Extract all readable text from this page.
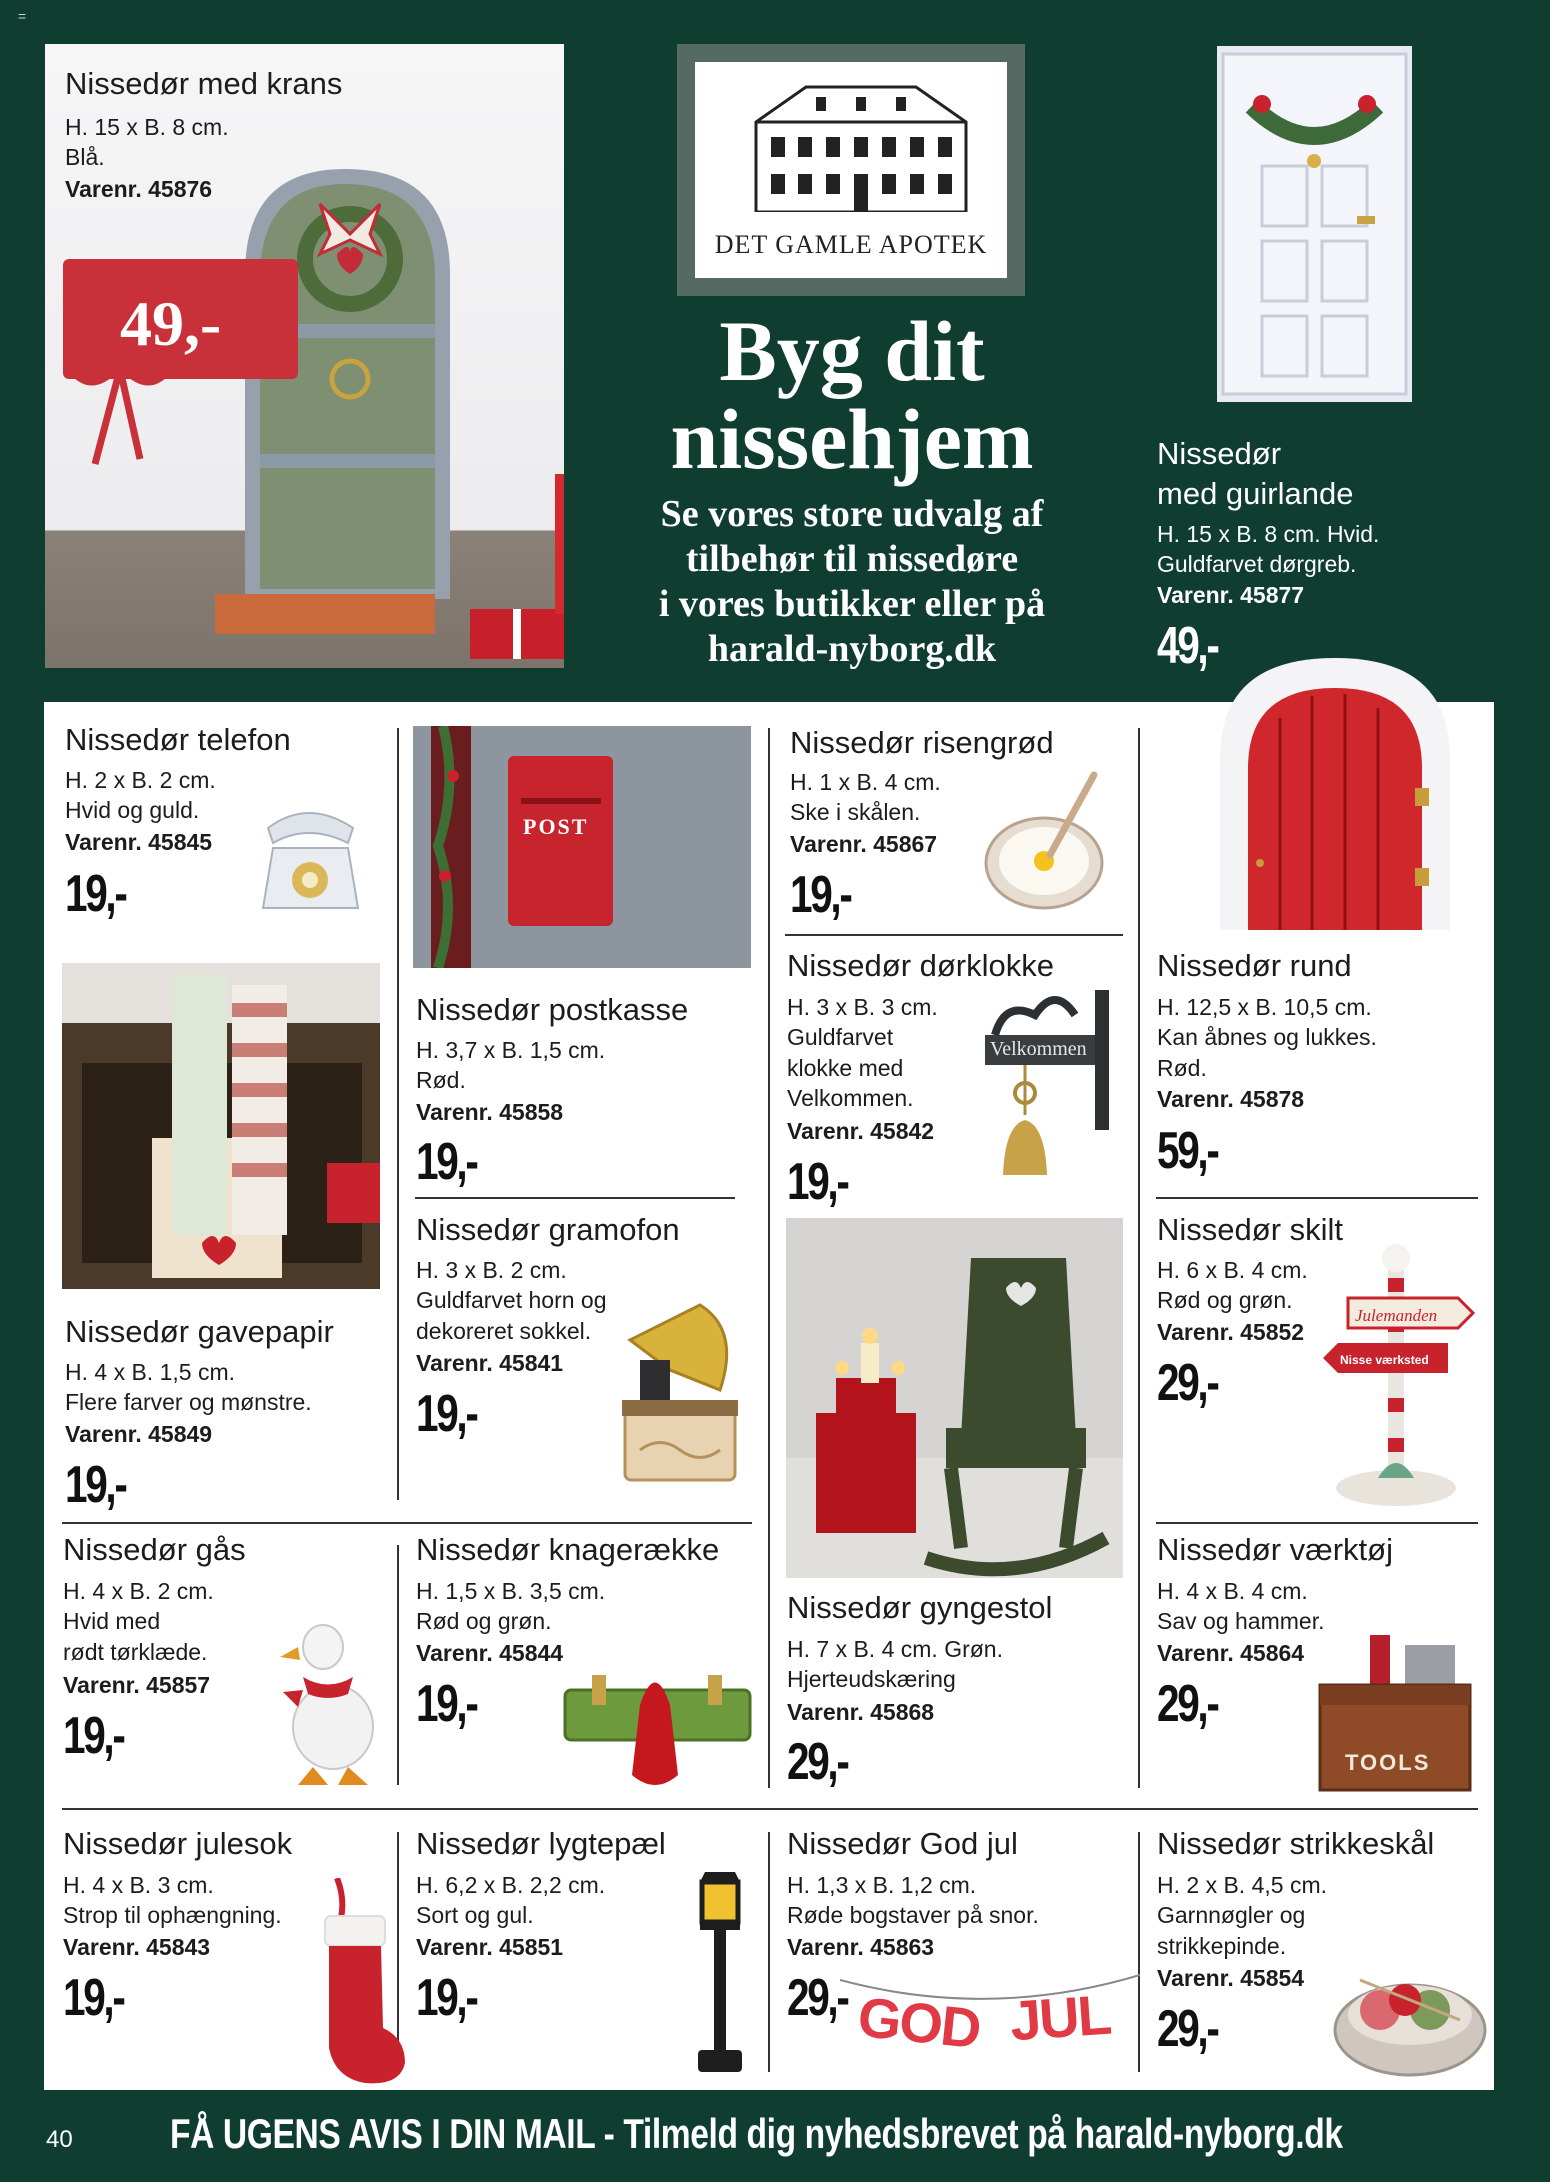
=
49,-
Nissedør med krans
H. 15 x B. 8 cm.
Blå.
Varenr. 45876
DET GAMLE APOTEK
Byg dit
nissehjem
Se vores store udvalg af
tilbehør til nissedøre
i vores butikker eller på
harald-nyborg.dk
Nissedør
med guirlande
H. 15 x B. 8 cm. Hvid.
Guldfarvet dørgreb.
Varenr. 45877
49,-
Nissedør telefon
H. 2 x B. 2 cm.
Hvid og guld.
Varenr. 45845
19,-
POST
Nissedør risengrød
H. 1 x B. 4 cm.
Ske i skålen.
Varenr. 45867
19,-
Nissedør postkasse
H. 3,7 x B. 1,5 cm.
Rød.
Varenr. 45858
19,-
Nissedør dørklokke
H. 3 x B. 3 cm.
Guldfarvet
klokke med
Velkommen.
Varenr. 45842
19,-
Velkommen
Nissedør rund
H. 12,5 x B. 10,5 cm.
Kan åbnes og lukkes.
Rød.
Varenr. 45878
59,-
Nissedør gavepapir
H. 4 x B. 1,5 cm.
Flere farver og mønstre.
Varenr. 45849
19,-
Nissedør gramofon
H. 3 x B. 2 cm.
Guldfarvet horn og
dekoreret sokkel.
Varenr. 45841
19,-
Nissedør skilt
H. 6 x B. 4 cm.
Rød og grøn.
Varenr. 45852
29,-
Julemanden
Nisse værksted
Nissedør gås
H. 4 x B. 2 cm.
Hvid med
rødt tørklæde.
Varenr. 45857
19,-
Nissedør knagerække
H. 1,5 x B. 3,5 cm.
Rød og grøn.
Varenr. 45844
19,-
Nissedør gyngestol
H. 7 x B. 4 cm. Grøn.
Hjerteudskæring
Varenr. 45868
29,-
Nissedør værktøj
H. 4 x B. 4 cm.
Sav og hammer.
Varenr. 45864
29,-
TOOLS
Nissedør julesok
H. 4 x B. 3 cm.
Strop til ophængning.
Varenr. 45843
19,-
Nissedør lygtepæl
H. 6,2 x B. 2,2 cm.
Sort og gul.
Varenr. 45851
19,-
Nissedør God jul
H. 1,3 x B. 1,2 cm.
Røde bogstaver på snor.
Varenr. 45863
29,- GOD JUL
Nissedør strikkeskål
H. 2 x B. 4,5 cm.
Garnnøgler og
strikkepinde.
Varenr. 45854
29,-
40 FÅ UGENS AVIS I DIN MAIL - Tilmeld dig nyhedsbrevet på harald-nyborg.dk
